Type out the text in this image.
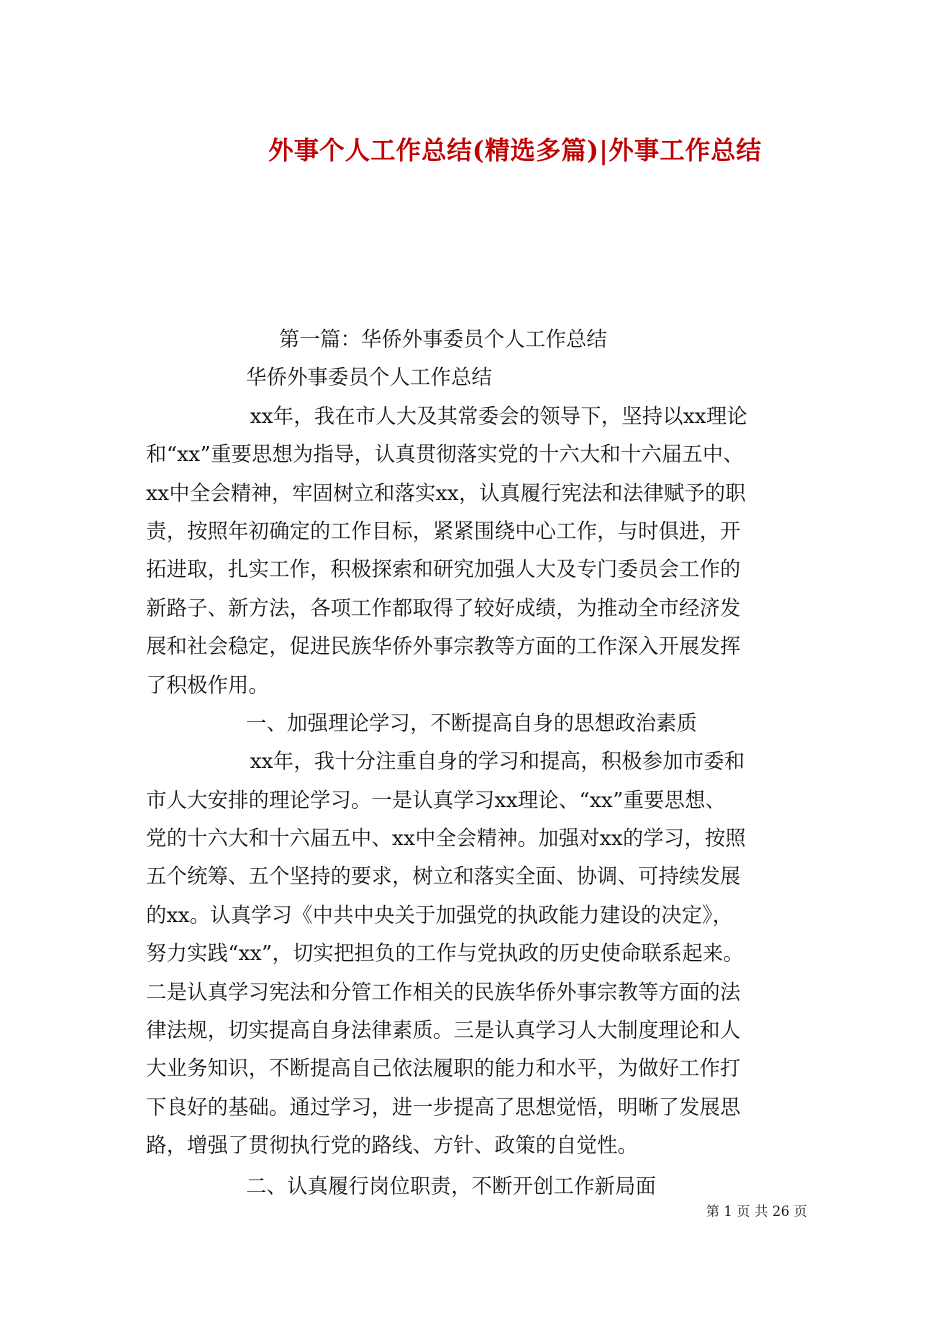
外事个人工作总结(精选多篇)|外事工作总结

第一篇：华侨外事委员个人工作总结

华侨外事委员个人工作总结

xx年，我在市人大及其常委会的领导下，坚持以xx理论

和“xx”重要思想为指导，认真贯彻落实党的十六大和十六届五中、

xx中全会精神，牢固树立和落实xx，认真履行宪法和法律赋予的职

责，按照年初确定的工作目标，紧紧围绕中心工作，与时俱进，开

拓进取，扎实工作，积极探索和研究加强人大及专门委员会工作的

新路子、新方法，各项工作都取得了较好成绩，为推动全市经济发

展和社会稳定，促进民族华侨外事宗教等方面的工作深入开展发挥

了积极作用。

一、加强理论学习，不断提高自身的思想政治素质

xx年，我十分注重自身的学习和提高，积极参加市委和

市人大安排的理论学习。一是认真学习xx理论、“xx”重要思想、

党的十六大和十六届五中、xx中全会精神。加强对xx的学习，按照

五个统筹、五个坚持的要求，树立和落实全面、协调、可持续发展

的xx。认真学习《中共中央关于加强党的执政能力建设的决定》，

努力实践“xx”，切实把担负的工作与党执政的历史使命联系起来。

二是认真学习宪法和分管工作相关的民族华侨外事宗教等方面的法

律法规，切实提高自身法律素质。三是认真学习人大制度理论和人

大业务知识，不断提高自己依法履职的能力和水平，为做好工作打

下良好的基础。通过学习，进一步提高了思想觉悟，明晰了发展思

路，增强了贯彻执行党的路线、方针、政策的自觉性。

二、认真履行岗位职责，不断开创工作新局面

第 1 页 共 26 页
